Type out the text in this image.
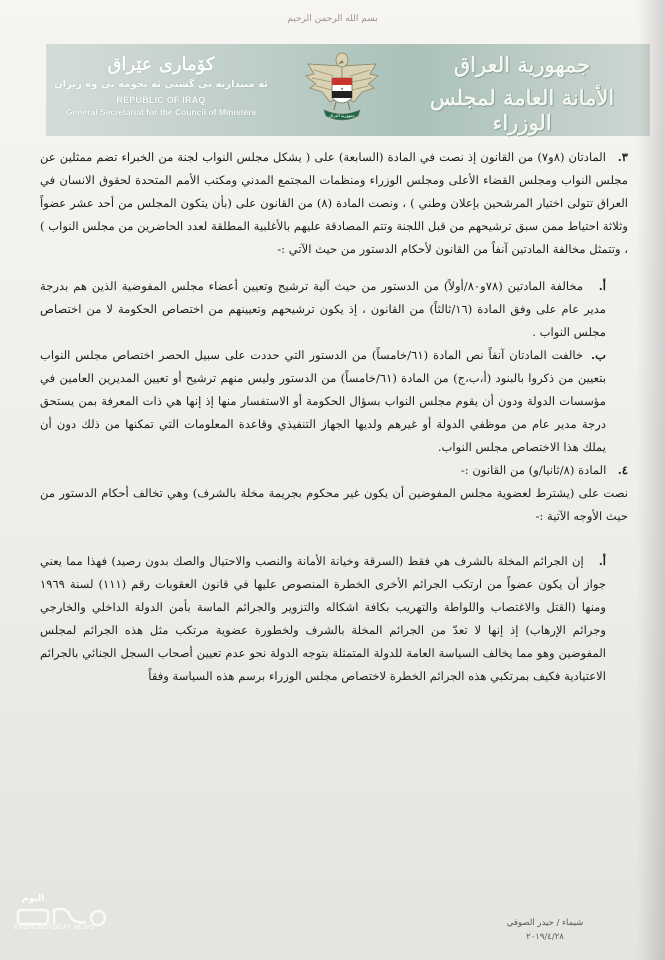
بسم الله الرحمن الرحيم
كۆماری عێراق
ئه مینداریه تی گشتی ئه نجومه نی وه زیران
REPUBLIC OF IRAQ
General Secretariat for the Council of Ministers
★
جمهورية العراق
جمهورية العراق
الأمانة العامة لمجلس الوزراء

٣. المادتان (٨و٧) من القانون إذ نصت في المادة (السابعة) على ( يشكل مجلس النواب لجنة من الخبراء تضم ممثلين عن مجلس النواب ومجلس القضاء الأعلى ومجلس الوزراء ومنظمات المجتمع المدني ومكتب الأمم المتحدة لحقوق الانسان في العراق تتولى اختيار المرشحين بإعلان وطني ) ، ونصت المادة (٨) من القانون على (بأن يتكون المجلس من أحد عشر عضواً وثلاثة احتياط ممن سبق ترشيحهم من قبل اللجنة وتتم المصادقة عليهم بالأغلبية المطلقة لعدد الحاضرين من مجلس النواب ) ، وتتمثل مخالفة المادتين آنفاً من القانون لأحكام الدستور من حيث الآتي :-

أ. مخالفة المادتين (٧٨و٨٠/أولاً) من الدستور من حيث آلية ترشيح وتعيين أعضاء مجلس المفوضية الذين هم بدرجة مدير عام على وفق المادة (١٦/ثالثاً) من القانون ، إذ يكون ترشيحهم وتعيينهم من اختصاص الحكومة لا من اختصاص مجلس النواب .

ب. خالفت المادتان آنفاً نص المادة (٦١/خامساً) من الدستور التي حددت على سبيل الحصر اختصاص مجلس النواب بتعيين من ذكروا بالبنود (أ،ب،ج) من المادة (٦١/خامساً) من الدستور وليس منهم ترشيح أو تعيين المديرين العامين في مؤسسات الدولة ودون أن يقوم مجلس النواب بسؤال الحكومة أو الاستفسار منها إذ إنها هي ذات المعرفة بمن يستحق درجة مدير عام من موظفي الدولة أو غيرهم ولديها الجهاز التنفيذي وقاعدة المعلومات التي تمكنها من ذلك دون أن يملك هذا الاختصاص مجلس النواب.

٤. المادة (٨/ثانيا/و) من القانون :-

نصت على (يشترط لعضوية مجلس المفوضين أن يكون غير محكوم بجريمة مخلة بالشرف) وهي تخالف أحكام الدستور من حيث الأوجه الآتية :-

أ. إن الجرائم المخلة بالشرف هي فقط (السرقة وخيانة الأمانة والنصب والاحتيال والصك بدون رصيد) فهذا مما يعني جواز أن يكون عضواً من ارتكب الجرائم الأخرى الخطرة المنصوص عليها في قانون العقوبات رقم (١١١) لسنة ١٩٦٩ ومنها (القتل والاغتصاب واللواطة والتهريب بكافة اشكاله والتزوير والجرائم الماسة بأمن الدولة الداخلي والخارجي وجرائم الإرهاب) إذ إنها لا تعدّ من الجرائم المخلة بالشرف ولخطورة عضوية مرتكب مثل هذه الجرائم لمجلس المفوضين وهو مما يخالف السياسة العامة للدولة المتمثلة بتوجه الدولة نحو عدم تعيين أصحاب السجل الجنائي بالجرائم الاعتيادية فكيف بمرتكبي هذه الجرائم الخطرة لاختصاص مجلس الوزراء برسم هذه السياسة وفقاً

اليوم
BAGHDADTODAY NEWS	شيماء / حيدر الصوفي
٢٠١٩/٤/٢٨
